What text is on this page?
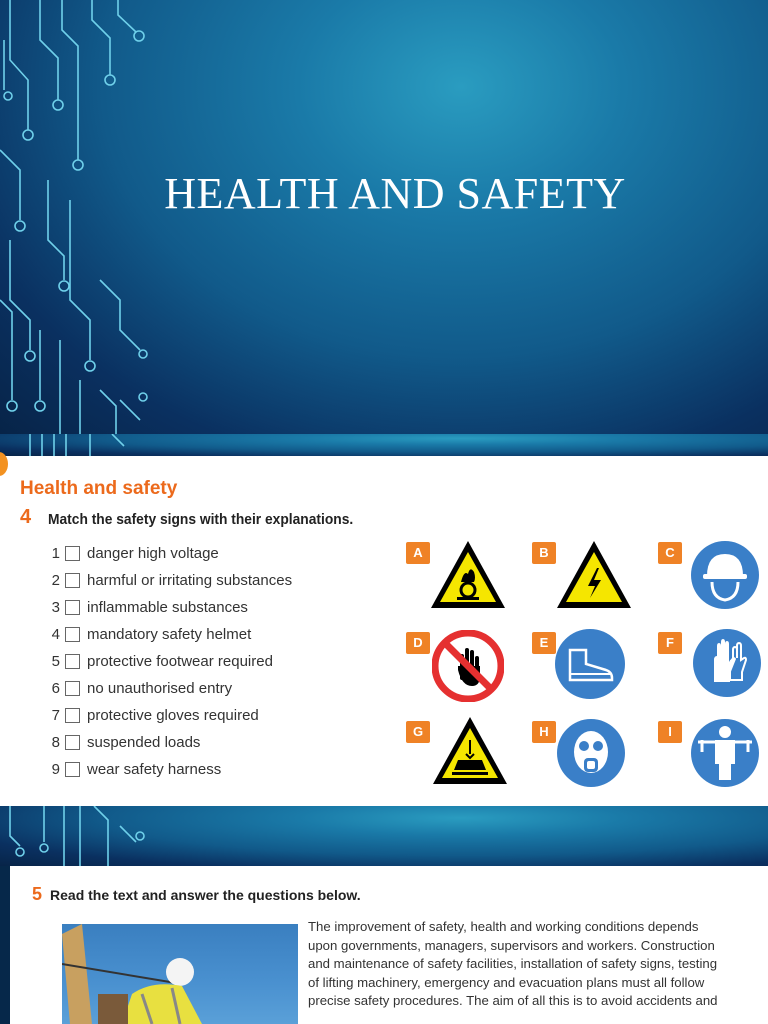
HEALTH AND SAFETY
Health and safety
4 Match the safety signs with their explanations.
1 danger high voltage
2 harmful or irritating substances
3 inflammable substances
4 mandatory safety helmet
5 protective footwear required
6 no unauthorised entry
7 protective gloves required
8 suspended loads
9 wear safety harness
A	B	C
D	E	F
G	H	I
5 Read the text and answer the questions below.
The improvement of safety, health and working conditions depends
upon governments, managers, supervisors and workers. Construction
and maintenance of safety facilities, installation of safety signs, testing
of lifting machinery, emergency and evacuation plans must all follow
precise safety procedures. The aim of all this is to avoid accidents and
